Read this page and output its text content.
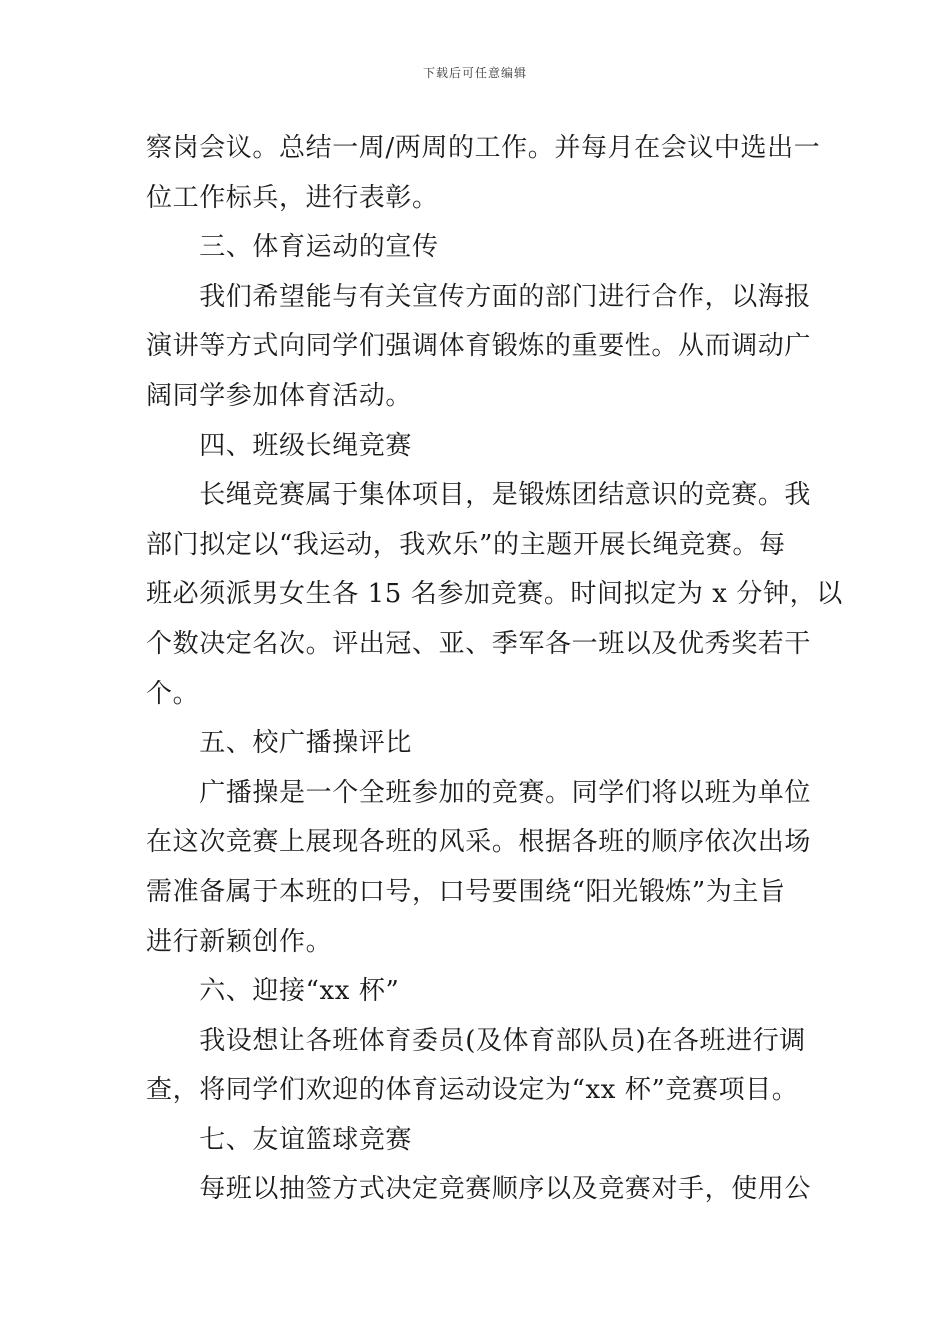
下载后可任意编辑
察岗会议。总结一周/两周的工作。并每月在会议中选出一
位工作标兵，进行表彰。
　　三、体育运动的宣传
　　我们希望能与有关宣传方面的部门进行合作，以海报
演讲等方式向同学们强调体育锻炼的重要性。从而调动广
阔同学参加体育活动。
　　四、班级长绳竞赛
　　长绳竞赛属于集体项目，是锻炼团结意识的竞赛。我
部门拟定以“我运动，我欢乐”的主题开展长绳竞赛。每
班必须派男女生各 15 名参加竞赛。时间拟定为 x 分钟，以
个数决定名次。评出冠、亚、季军各一班以及优秀奖若干
个。
　　五、校广播操评比
　　广播操是一个全班参加的竞赛。同学们将以班为单位
在这次竞赛上展现各班的风采。根据各班的顺序依次出场
需准备属于本班的口号，口号要围绕“阳光锻炼”为主旨
进行新颖创作。
　　六、迎接“xx 杯”
　　我设想让各班体育委员(及体育部队员)在各班进行调
查，将同学们欢迎的体育运动设定为“xx 杯”竞赛项目。
　　七、友谊篮球竞赛
　　每班以抽签方式决定竞赛顺序以及竞赛对手，使用公
